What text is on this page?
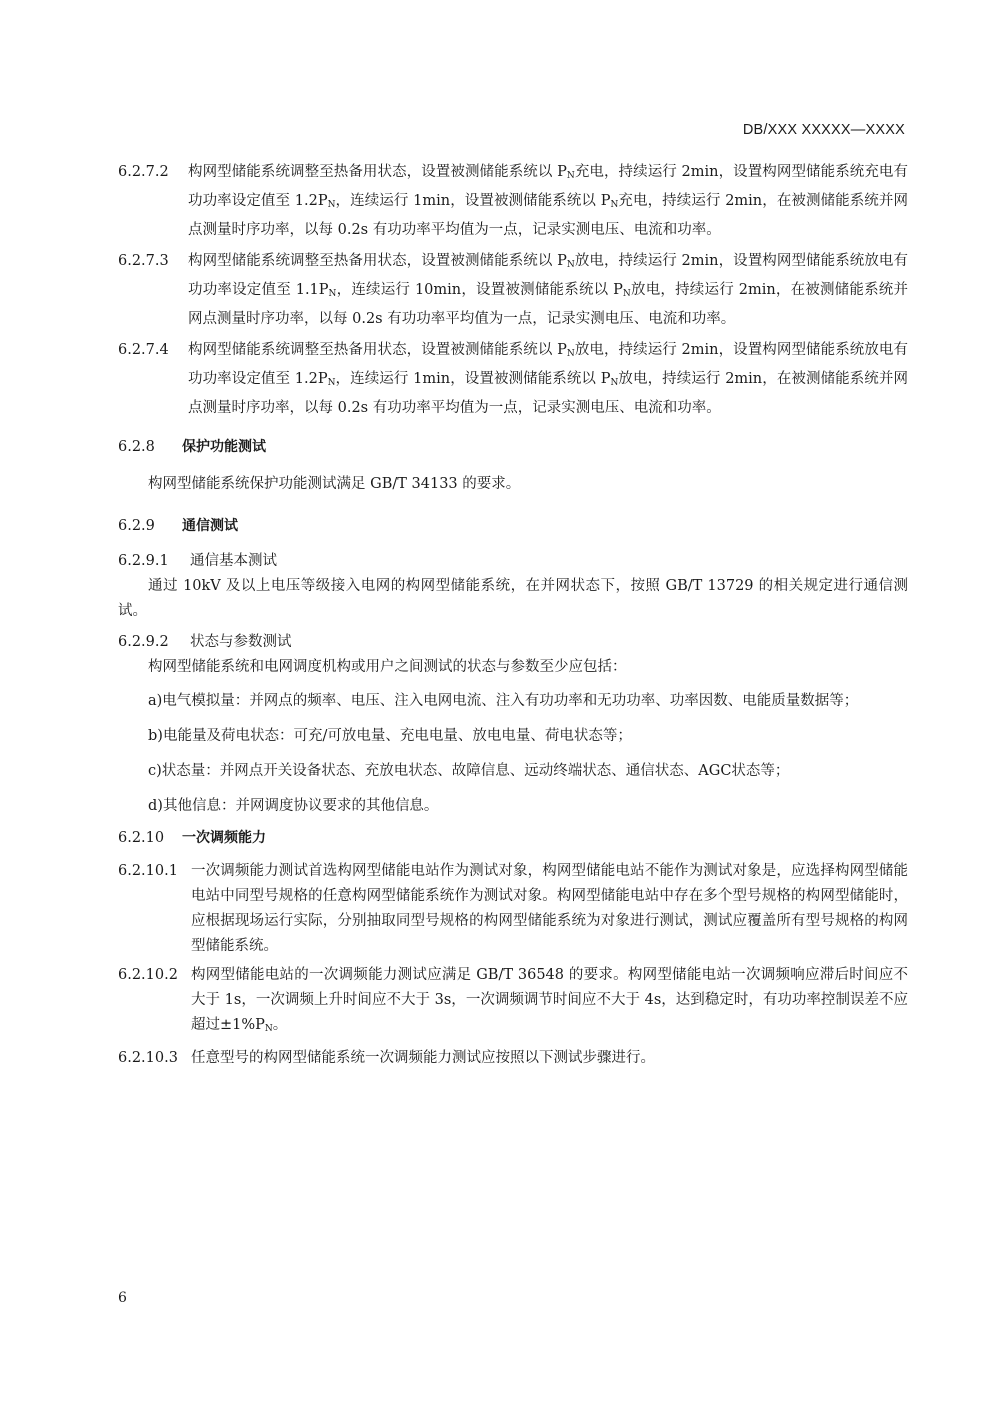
DB/XXX XXXXX—XXXX
6.2.7.2	构网型储能系统调整至热备用状态，设置被测储能系统以 $P_N$充电，持续运行 2min，设置构网型储能系统充电有功功率设定值至 $1.2P_N$，连续运行 1min，设置被测储能系统以 $P_N$充电，持续运行 2min，在被测储能系统并网点测量时序功率，以每 0.2s 有功功率平均值为一点，记录实测电压、电流和功率。
6.2.7.3	构网型储能系统调整至热备用状态，设置被测储能系统以 $P_N$放电，持续运行 2min，设置构网型储能系统放电有功功率设定值至 $1.1P_N$，连续运行 10min，设置被测储能系统以 $P_N$放电，持续运行 2min，在被测储能系统并网点测量时序功率，以每 0.2s 有功功率平均值为一点，记录实测电压、电流和功率。
6.2.7.4	构网型储能系统调整至热备用状态，设置被测储能系统以 $P_N$放电，持续运行 2min，设置构网型储能系统放电有功功率设定值至 $1.2P_N$，连续运行 1min，设置被测储能系统以 $P_N$放电，持续运行 2min，在被测储能系统并网点测量时序功率，以每 0.2s 有功功率平均值为一点，记录实测电压、电流和功率。
6.2.8	保护功能测试
构网型储能系统保护功能测试满足 GB/T 34133 的要求。
6.2.9	通信测试
6.2.9.1	通信基本测试
通过 10kV 及以上电压等级接入电网的构网型储能系统，在并网状态下，按照 GB/T 13729 的相关规定进行通信测试。
6.2.9.2	状态与参数测试
构网型储能系统和电网调度机构或用户之间测试的状态与参数至少应包括：
a)电气模拟量：并网点的频率、电压、注入电网电流、注入有功功率和无功功率、功率因数、电能质量数据等；
b)电能量及荷电状态：可充/可放电量、充电电量、放电电量、荷电状态等；
c)状态量：并网点开关设备状态、充放电状态、故障信息、远动终端状态、通信状态、AGC状态等；
d)其他信息：并网调度协议要求的其他信息。
6.2.10	一次调频能力
6.2.10.1 一次调频能力测试首选构网型储能电站作为测试对象，构网型储能电站不能作为测试对象是，应选择构网型储能电站中同型号规格的任意构网型储能系统作为测试对象。构网型储能电站中存在多个型号规格的构网型储能时，应根据现场运行实际，分别抽取同型号规格的构网型储能系统为对象进行测试，测试应覆盖所有型号规格的构网型储能系统。
6.2.10.2 构网型储能电站的一次调频能力测试应满足 GB/T 36548 的要求。构网型储能电站一次调频响应滞后时间应不大于 1s，一次调频上升时间应不大于 3s，一次调频调节时间应不大于 4s，达到稳定时，有功功率控制误差不应超过$\pm 1\%P_N$。
6.2.10.3 任意型号的构网型储能系统一次调频能力测试应按照以下测试步骤进行。
6
